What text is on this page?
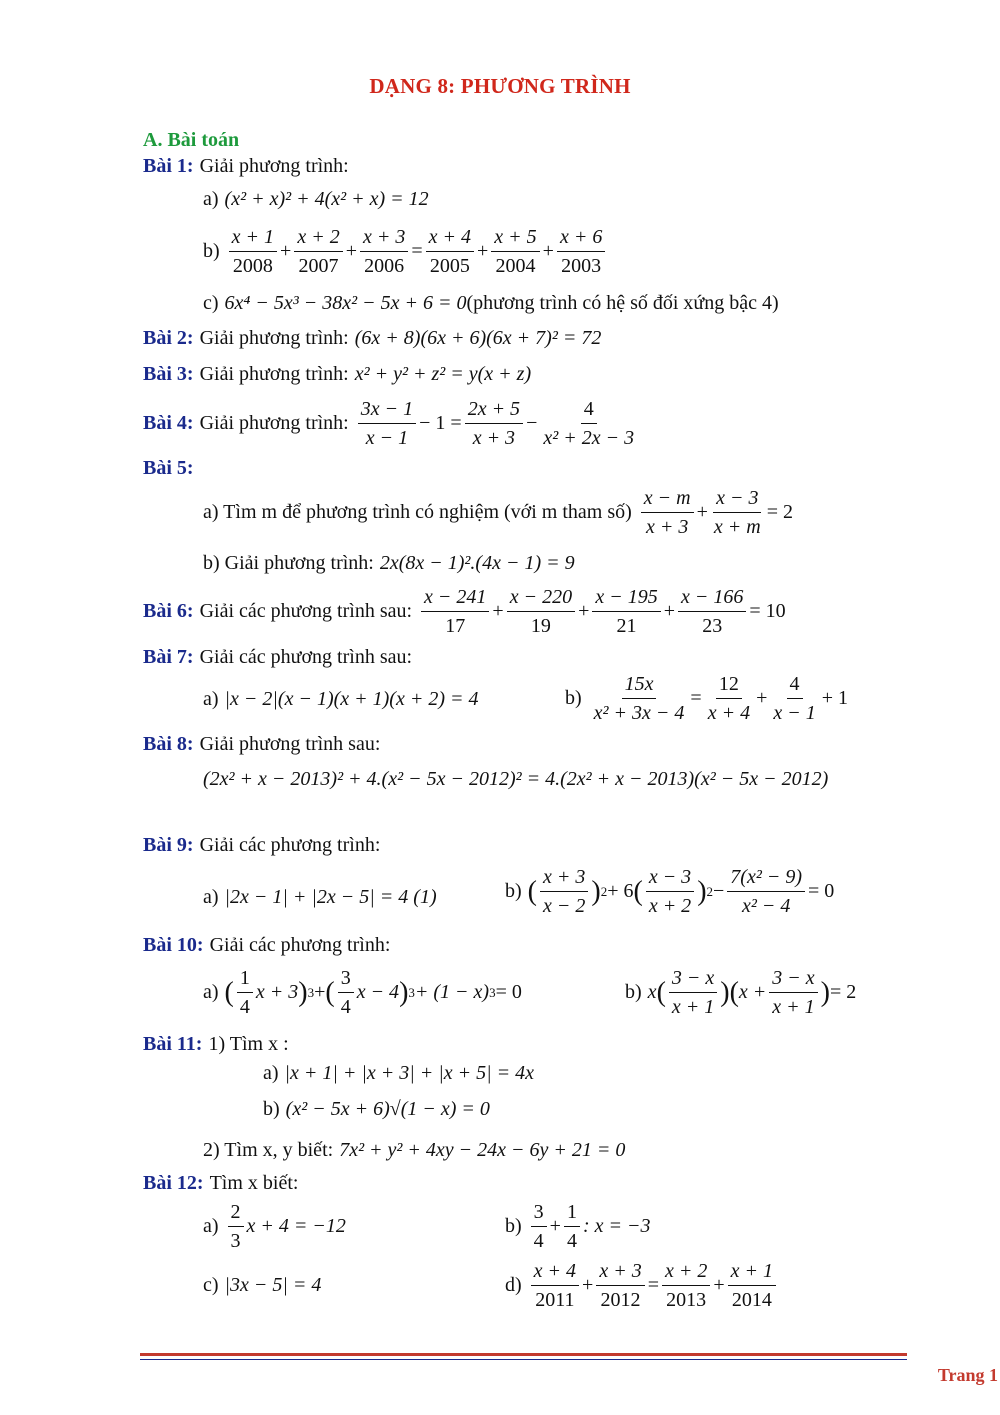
DẠNG 8: PHƯƠNG TRÌNH
A. Bài toán
Bài 1: Giải phương trình:
a) (x² + x)² + 4(x² + x) = 12
$b) \frac{x + 1}{2008} + \frac{x + 2}{2007} + \frac{x + 3}{2006} = \frac{x + 4}{2005} + \frac{x + 5}{2004} + \frac{x + 6}{2003}$
c) 6x⁴ − 5x³ − 38x² − 5x + 6 = 0 (phương trình có hệ số đối xứng bậc 4)
Bài 2: Giải phương trình: (6x + 8)(6x + 6)(6x + 7)² = 72
Bài 3: Giải phương trình: x² + y² + z² = y(x + z)
Bài 4: Giải phương trình: $\frac{3x - 1}{x - 1} - 1 = \frac{2x + 5}{x + 3} - \frac{4}{\text{x² + 2x − 3}}$
Bài 5:
a) Tìm m để phương trình có nghiệm (với m tham số) $\frac{x - m}{x + 3} + \frac{x - 3}{x + m} = 2$
b) Giải phương trình: 2x(8x − 1)².(4x − 1) = 9
Bài 6: Giải các phương trình sau: $\frac{x - 241}{17} + \frac{x - 220}{19} + \frac{x - 195}{21} + \frac{x - 166}{23} = 10$
Bài 7: Giải các phương trình sau:
a) |x − 2|(x − 1)(x + 1)(x + 2) = 4	$b) \frac{15x}{\text{x² + 3x − 4}} = \frac{12}{x + 4} + \frac{4}{x - 1} + 1$
Bài 8: Giải phương trình sau:
(2x² + x − 2013)² + 4.(x² − 5x − 2012)² = 4.(2x² + x − 2013)(x² − 5x − 2012)
Bài 9: Giải các phương trình:
a) |2x − 1| + |2x − 5| = 4 (1)	b) ( $\frac{x + 3}{x - 2}$ ) 2 + 6 ( $\frac{x - 3}{x + 2}$ ) $2 - \frac{\text{7(x² − 9)}}{\text{x² − 4}} = 0$
Bài 10: Giải các phương trình:
a) ( $\frac{1}{4}$ x + 3 ) 3 + ( $\frac{3}{4}$ x − 4 ) 3 + (1 − x) 3 = 0	b) x ( $\frac{3 - x}{x + 1}$ )( $x + \frac{3 - x}{x + 1}$ ) = 2
Bài 11: 1) Tìm x :
a) |x + 1| + |x + 3| + |x + 5| = 4x
b) (x² − 5x + 6)√(1 − x) = 0
2) Tìm x, y biết: 7x² + y² + 4xy − 24x − 6y + 21 = 0
Bài 12: Tìm x biết:
$a) \frac{2}{3}$ x + 4 = −12	$b) \frac{3}{4} + \frac{1}{4}$ : x = −3
c) |3x − 5| = 4	$d) \frac{x + 4}{2011} + \frac{x + 3}{2012} = \frac{x + 2}{2013} + \frac{x + 1}{2014}$
Trang 1
